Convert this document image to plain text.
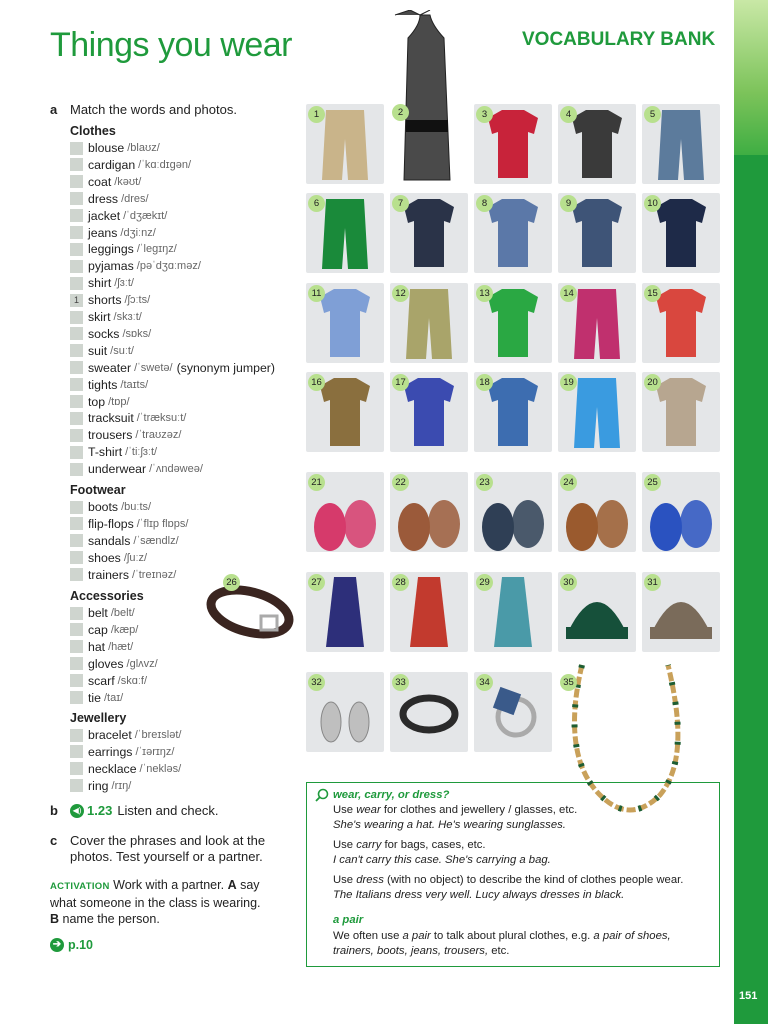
Things you wear	VOCABULARY BANK
a Match the words and photos.
Clothes
blouse /blaʊz/
cardigan /ˈkɑːdɪɡən/
coat /kəʊt/
dress /dres/
jacket /ˈdʒækɪt/
jeans /dʒiːnz/
leggings /ˈleɡɪŋz/
pyjamas /pəˈdʒɑːməz/
shirt /ʃɜːt/
1 shorts /ʃɔːts/
skirt /skɜːt/
socks /sɒks/
suit /suːt/
sweater /ˈswetə/ (synonym jumper)
tights /taɪts/
top /tɒp/
tracksuit /ˈtræksuːt/
trousers /ˈtraʊzəz/
T-shirt /ˈtiːʃɜːt/
underwear /ˈʌndəweə/
Footwear
boots /buːts/
flip-flops /ˈflɪp flɒps/
sandals /ˈsændlz/
shoes /ʃuːz/
trainers /ˈtreɪnəz/
Accessories
belt /belt/
cap /kæp/
hat /hæt/
gloves /ɡlʌvz/
scarf /skɑːf/
tie /taɪ/
Jewellery
bracelet /ˈbreɪslət/
earrings /ˈɪərɪŋz/
necklace /ˈnekləs/
ring /rɪŋ/
b	◀) 1.23 Listen and check.
c Cover the phrases and look at the
photos. Test yourself or a partner.
ACTIVATION Work with a partner. A say
what someone in the class is wearing.
B name the person.
➔ p.10
1	2	3	4	5
6	7	8	9	10
11	12	13	14	15
16	17	18	19	20
21	22	23	24	25
27	28	29	30	31
32	33	34	35
26
wear, carry, or dress?
Use wear for clothes and jewellery / glasses, etc.
She's wearing a hat. He's wearing sunglasses.
Use carry for bags, cases, etc.
I can't carry this case. She's carrying a bag.
Use dress (with no object) to describe the kind of clothes people wear.
The Italians dress very well. Lucy always dresses in black.
a pair
We often use a pair to talk about plural clothes, e.g. a pair of shoes,
trainers, boots, jeans, trousers, etc.
151
